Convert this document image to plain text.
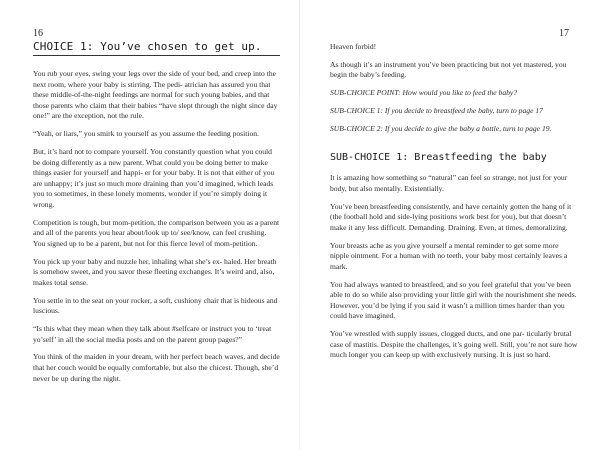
16
CHOICE 1: You’ve chosen to get up.

You rub your eyes, swing your legs over the side of your bed, and creep into the next room, where your baby is stirring. The pedi- atrician has assured you that these middle-of-the-night feedings are normal for such young babies, and that those parents who claim that their babies “have slept through the night since day one!” are the exception, not the rule.

“Yeah, or liars,” you smirk to yourself as you assume the feeding position.

But, it’s hard not to compare yourself. You constantly question what you could be doing differently as a new parent. What could you be doing better to make things easier for yourself and happi- er for your baby. It is not that either of you are unhappy; it’s just so much more draining than you’d imagined, which leads you to sometimes, in these lonely moments, wonder if you’re simply doing it wrong.

Competition is tough, but mom-petition, the comparison between you as a parent and all of the parents you hear about/look up to/ see/know, can feel crushing. You signed up to be a parent, but not for this fierce level of mom-petition.

You pick up your baby and nuzzle her, inhaling what she’s ex- haled. Her breath is somehow sweet, and you savor these fleeting exchanges. It’s weird and, also, makes total sense.

You settle in to the seat on your rocker, a soft, cushiony chair that is hideous and luscious.

“Is this what they mean when they talk about #selfcare or instruct you to ‘treat yo’self’ in all the social media posts and on the parent group pages?”

You think of the maiden in your dream, with her perfect beach waves, and decide that her couch would be equally comfortable, but also the chicest. Though, she’d never be up during the night.

17

Heaven forbid!

As though it’s an instrument you’ve been practicing but not yet mastered, you begin the baby’s feeding.

SUB-CHOICE POINT: How would you like to feed the baby?

SUB-CHOICE 1: If you decide to breastfeed the baby, turn to page 17

SUB-CHOICE 2: If you decide to give the baby a bottle, turn to page 19.

SUB-CHOICE 1: Breastfeeding the baby

It is amazing how something so “natural” can feel so strange, not just for your body, but also mentally. Existentially.

You’ve been breastfeeding consistently, and have certainly gotten the hang of it (the football hold and side-lying positions work best for you), but that doesn’t make it any less difficult. Demanding. Draining. Even, at times, demoralizing.

Your breasts ache as you give yourself a mental reminder to get some more nipple ointment. For a human with no teeth, your baby most certainly leaves a mark.

You had always wanted to breastfeed, and so you feel grateful that you’ve been able to do so while also providing your little girl with the nourishment she needs. However, you’d be lying if you said it wasn’t a million times harder than you could have imagined.

You’ve wrestled with supply issues, clogged ducts, and one par- ticularly brutal case of mastitis. Despite the challenges, it’s going well. Still, you’re not sure how much longer you can keep up with exclusively nursing. It is just so hard.
